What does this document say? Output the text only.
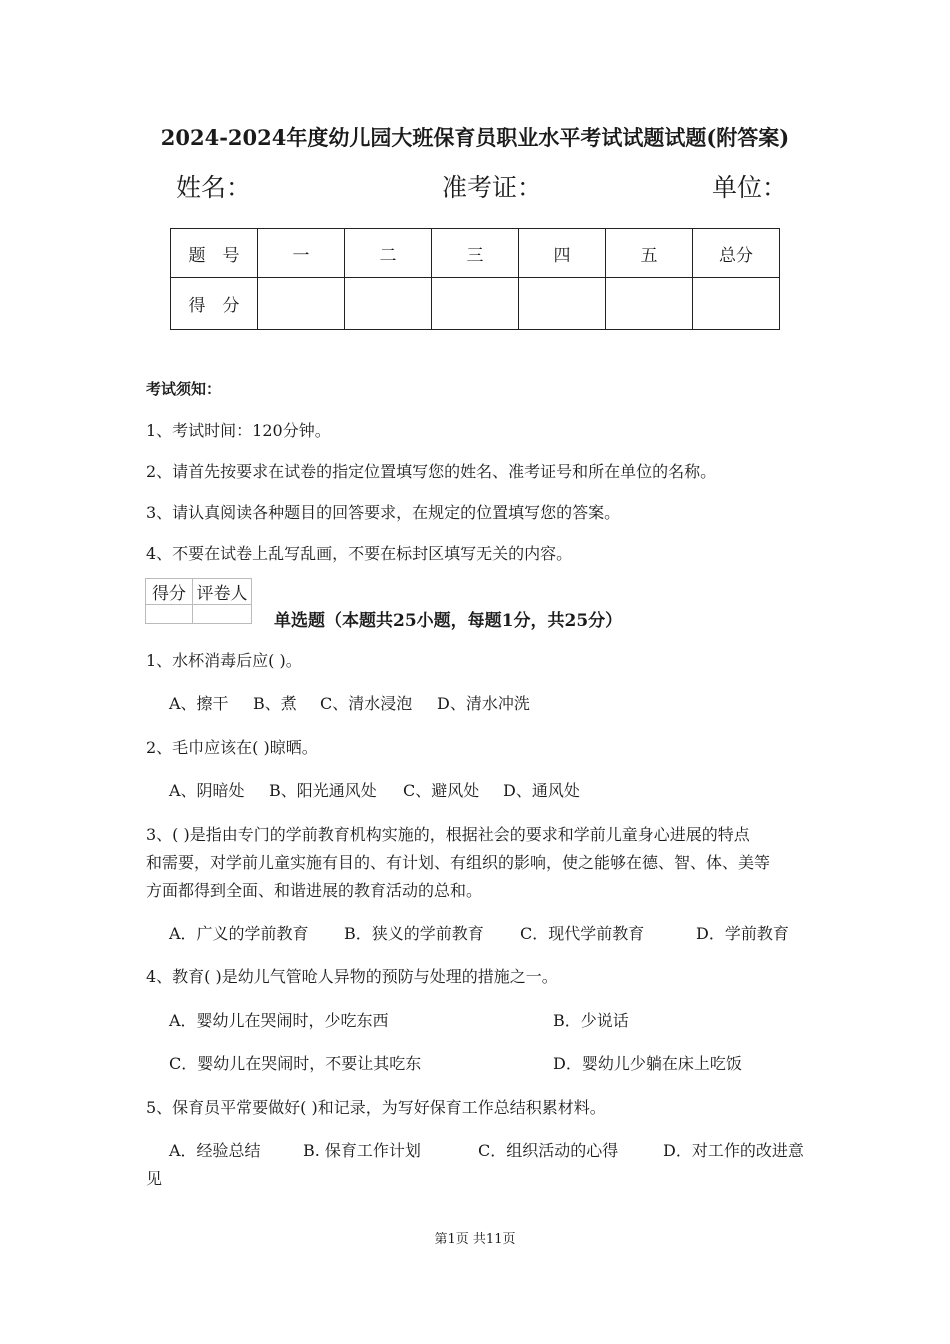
2024-2024年度幼儿园大班保育员职业水平考试试题试题(附答案)
姓名：	准考证：	单位：
题　号	一	二	三	四	五	总分
得　分						
考试须知：
1、考试时间：120分钟。
2、请首先按要求在试卷的指定位置填写您的姓名、准考证号和所在单位的名称。
3、请认真阅读各种题目的回答要求，在规定的位置填写您的答案。
4、不要在试卷上乱写乱画，不要在标封区填写无关的内容。
得分	评卷人

单选题（本题共25小题，每题1分，共25分）
1、水杯消毒后应( )。
A、擦干 B、煮 C、清水浸泡 D、清水冲洗
2、毛巾应该在( )晾晒。
A、阴暗处 B、阳光通风处 C、避风处 D、通风处
3、( )是指由专门的学前教育机构实施的，根据社会的要求和学前儿童身心进展的特点
和需要，对学前儿童实施有目的、有计划、有组织的影响，使之能够在德、智、体、美等
方面都得到全面、和谐进展的教育活动的总和。
A．广义的学前教育 B．狭义的学前教育 C．现代学前教育	D．学前教育
4、教育( )是幼儿气管呛人异物的预防与处理的措施之一。
A．婴幼儿在哭闹时，少吃东西	B．少说话
C．婴幼儿在哭闹时，不要让其吃东	D．婴幼儿少躺在床上吃饭
5、保育员平常要做好( )和记录，为写好保育工作总结积累材料。
A．经验总结	B. 保育工作计划	C．组织活动的心得	D．对工作的改进意
见
第1页 共11页
